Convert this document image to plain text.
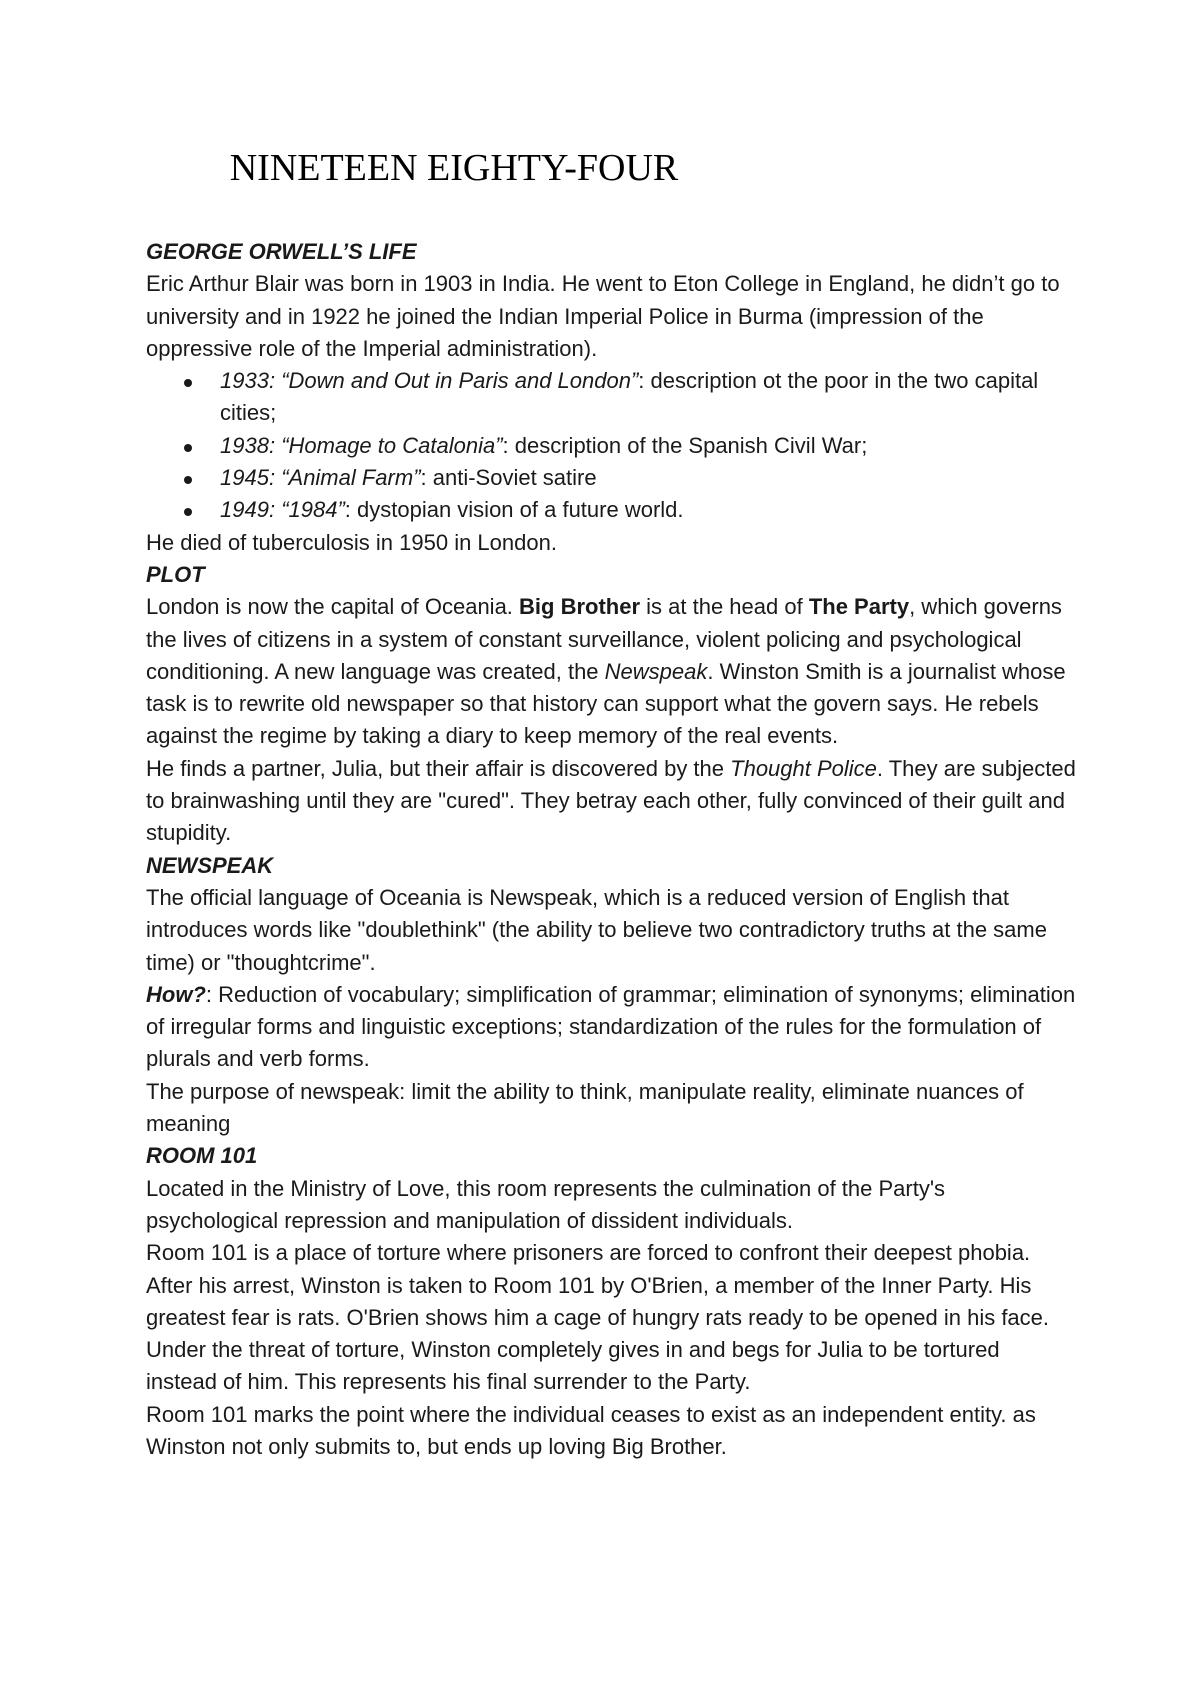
NINETEEN EIGHTY-FOUR

GEORGE ORWELL’S LIFE

Eric Arthur Blair was born in 1903 in India. He went to Eton College in England, he didn’t go to university and in 1922 he joined the Indian Imperial Police in Burma (impression of the oppressive role of the Imperial administration).

1933: “Down and Out in Paris and London”: description ot the poor in the two capital cities;
1938: “Homage to Catalonia”: description of the Spanish Civil War;
1945: “Animal Farm”: anti-Soviet satire
1949: “1984”: dystopian vision of a future world.

He died of tuberculosis in 1950 in London.

PLOT

London is now the capital of Oceania. Big Brother is at the head of The Party, which governs the lives of citizens in a system of constant surveillance, violent policing and psychological conditioning. A new language was created, the Newspeak. Winston Smith is a journalist whose task is to rewrite old newspaper so that history can support what the govern says. He rebels against the regime by taking a diary to keep memory of the real events.

He finds a partner, Julia, but their affair is discovered by the Thought Police. They are subjected to brainwashing until they are "cured". They betray each other, fully convinced of their guilt and stupidity.

NEWSPEAK

The official language of Oceania is Newspeak, which is a reduced version of English that introduces words like "doublethink" (the ability to believe two contradictory truths at the same time) or "thoughtcrime".

How?: Reduction of vocabulary; simplification of grammar; elimination of synonyms; elimination of irregular forms and linguistic exceptions; standardization of the rules for the formulation of plurals and verb forms.

The purpose of newspeak: limit the ability to think, manipulate reality, eliminate nuances of meaning

ROOM 101

Located in the Ministry of Love, this room represents the culmination of the Party's psychological repression and manipulation of dissident individuals.

Room 101 is a place of torture where prisoners are forced to confront their deepest phobia. After his arrest, Winston is taken to Room 101 by O'Brien, a member of the Inner Party. His greatest fear is rats. O'Brien shows him a cage of hungry rats ready to be opened in his face. Under the threat of torture, Winston completely gives in and begs for Julia to be tortured instead of him. This represents his final surrender to the Party.

Room 101 marks the point where the individual ceases to exist as an independent entity. as Winston not only submits to, but ends up loving Big Brother.
